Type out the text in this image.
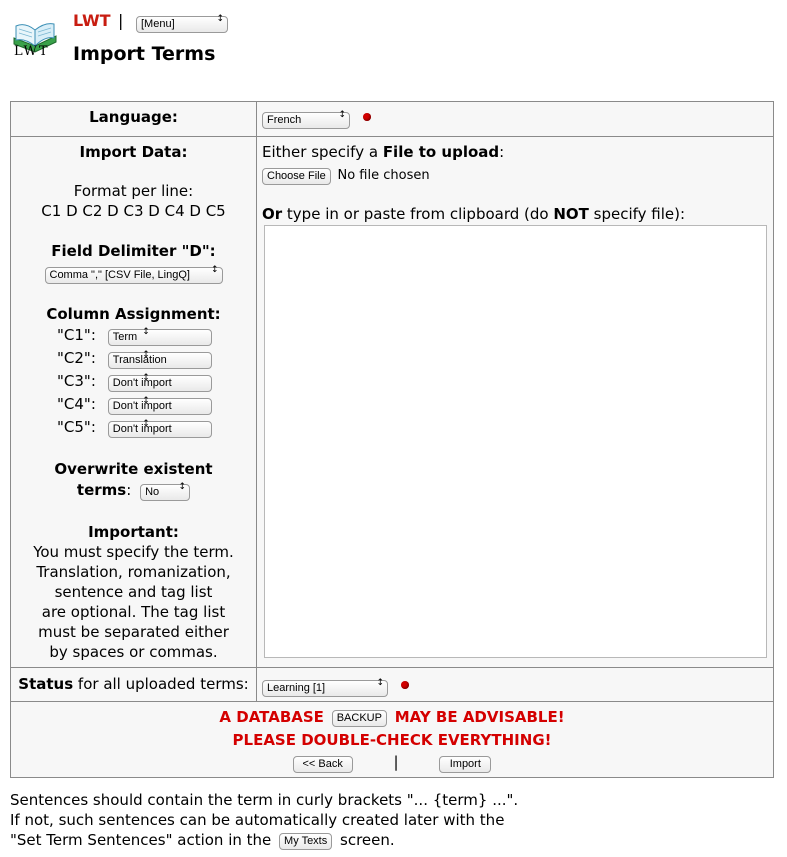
LWT
LWT |
[Menu] ↕
Import Terms
Language:
French ↕
Import Data:
Format per line:
C1 D C2 D C3 D C4 D C5
Field Delimiter "D":
Comma "," [CSV File, LingQ] ↕
Column Assignment:
"C1":
Term ↕
"C2":
Translation ↕
"C3":
Don't import ↕
"C4":
Don't import ↕
"C5":
Don't import ↕
Overwrite existent
terms:
No ↕
Important:
You must specify the term.
Translation, romanization,
sentence and tag list
are optional. The tag list
must be separated either
by spaces or commas.
Either specify a File to upload:
Choose File No file chosen
Or type in or paste from clipboard (do NOT specify file):
Status for all uploaded terms:
Learning [1] ↕
A DATABASE BACKUP MAY BE ADVISABLE!
PLEASE DOUBLE-CHECK EVERYTHING!
<< Back	|	Import
Sentences should contain the term in curly brackets "... {term} ...".
If not, such sentences can be automatically created later with the
"Set Term Sentences" action in the My Texts screen.
